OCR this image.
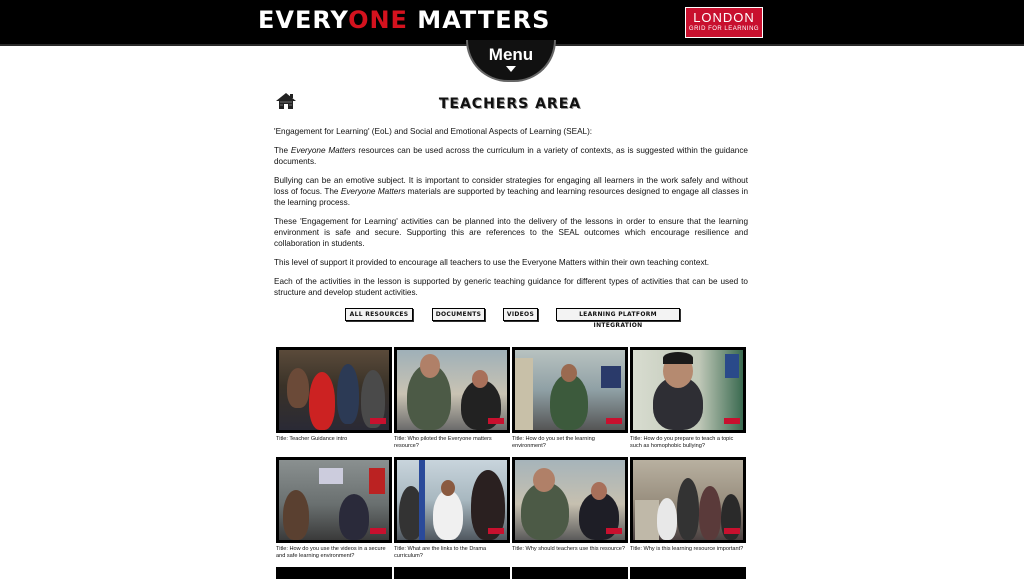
EVERYONE MATTERS	LONDON
GRID FOR LEARNING
Menu
TEACHERS AREA

'Engagement for Learning' (EoL) and Social and Emotional Aspects of Learning (SEAL):

The Everyone Matters resources can be used across the curriculum in a variety of contexts, as is suggested within the guidance documents.

Bullying can be an emotive subject. It is important to consider strategies for engaging all learners in the work safely and without loss of focus. The Everyone Matters materials are supported by teaching and learning resources designed to engage all classes in the learning process.

These 'Engagement for Learning' activities can be planned into the delivery of the lessons in order to ensure that the learning environment is safe and secure. Supporting this are references to the SEAL outcomes which encourage resilience and collaboration in students.

This level of support it provided to encourage all teachers to use the Everyone Matters within their own teaching context.

Each of the activities in the lesson is supported by generic teaching guidance for different types of activities that can be used to structure and develop student activities.

ALL RESOURCES	DOCUMENTS	VIDEOS	LEARNING PLATFORM INTEGRATION
Title: Teacher Guidance intro	Title: Who piloted the Everyone matters resource?
Title: How do you set the learning environment?
Title: How do you prepare to teach a topic such as homophobic bullying?
Title: How do you use the videos in a secure and safe learning environment?
Title: What are the links to the Drama curriculum?
Title: Why should teachers use this resource? Title: Why is this learning resource important?
